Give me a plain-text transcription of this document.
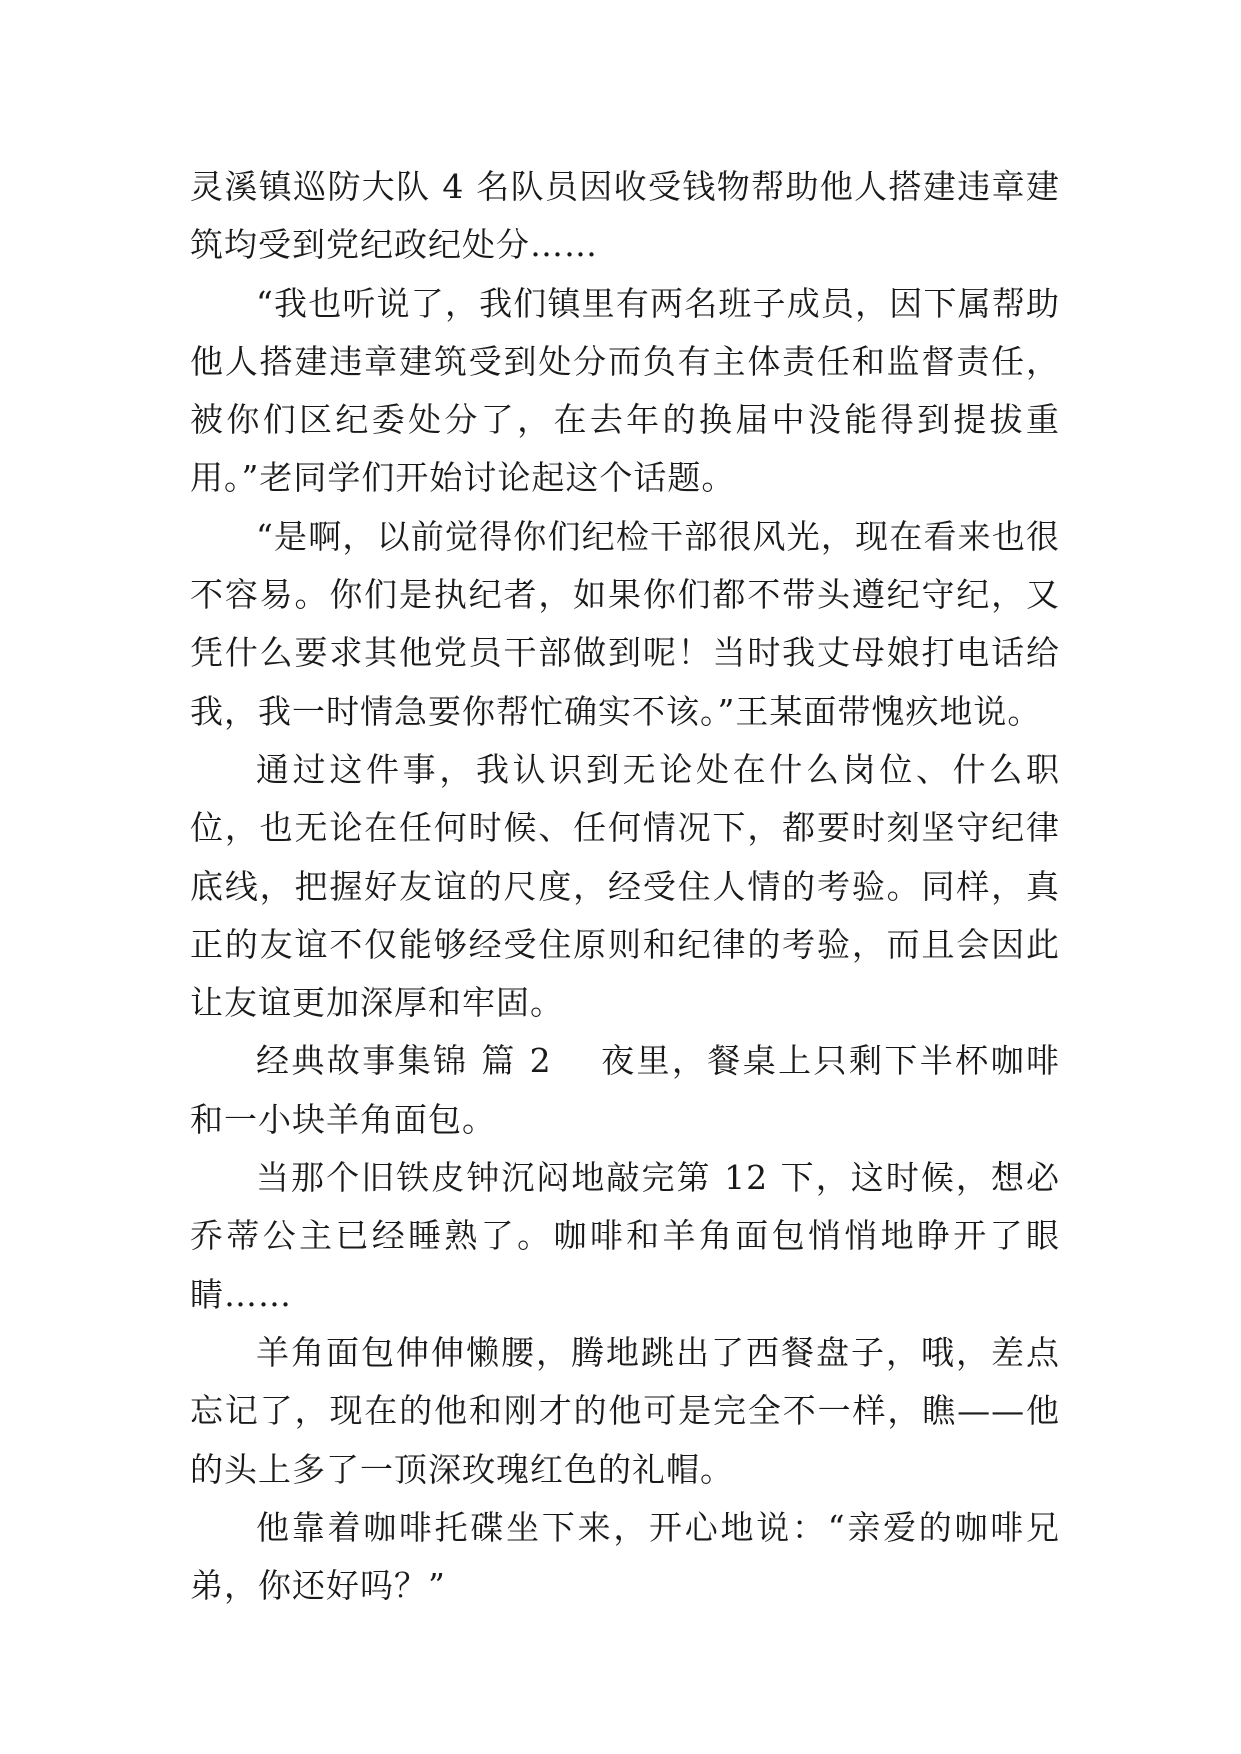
灵溪镇巡防大队 4 名队员因收受钱物帮助他人搭建违章建筑均受到党纪政纪处分……

“我也听说了，我们镇里有两名班子成员，因下属帮助他人搭建违章建筑受到处分而负有主体责任和监督责任，被你们区纪委处分了，在去年的换届中没能得到提拔重用。”老同学们开始讨论起这个话题。

“是啊，以前觉得你们纪检干部很风光，现在看来也很不容易。你们是执纪者，如果你们都不带头遵纪守纪，又凭什么要求其他党员干部做到呢！当时我丈母娘打电话给我，我一时情急要你帮忙确实不该。”王某面带愧疚地说。

通过这件事，我认识到无论处在什么岗位、什么职位，也无论在任何时候、任何情况下，都要时刻坚守纪律底线，把握好友谊的尺度，经受住人情的考验。同样，真正的友谊不仅能够经受住原则和纪律的考验，而且会因此让友谊更加深厚和牢固。

经典故事集锦 篇 2 夜里，餐桌上只剩下半杯咖啡和一小块羊角面包。

当那个旧铁皮钟沉闷地敲完第 12 下，这时候，想必乔蒂公主已经睡熟了。咖啡和羊角面包悄悄地睁开了眼睛……

羊角面包伸伸懒腰，腾地跳出了西餐盘子，哦，差点忘记了，现在的他和刚才的他可是完全不一样，瞧——他的头上多了一顶深玫瑰红色的礼帽。

他靠着咖啡托碟坐下来，开心地说：“亲爱的咖啡兄弟，你还好吗？”
